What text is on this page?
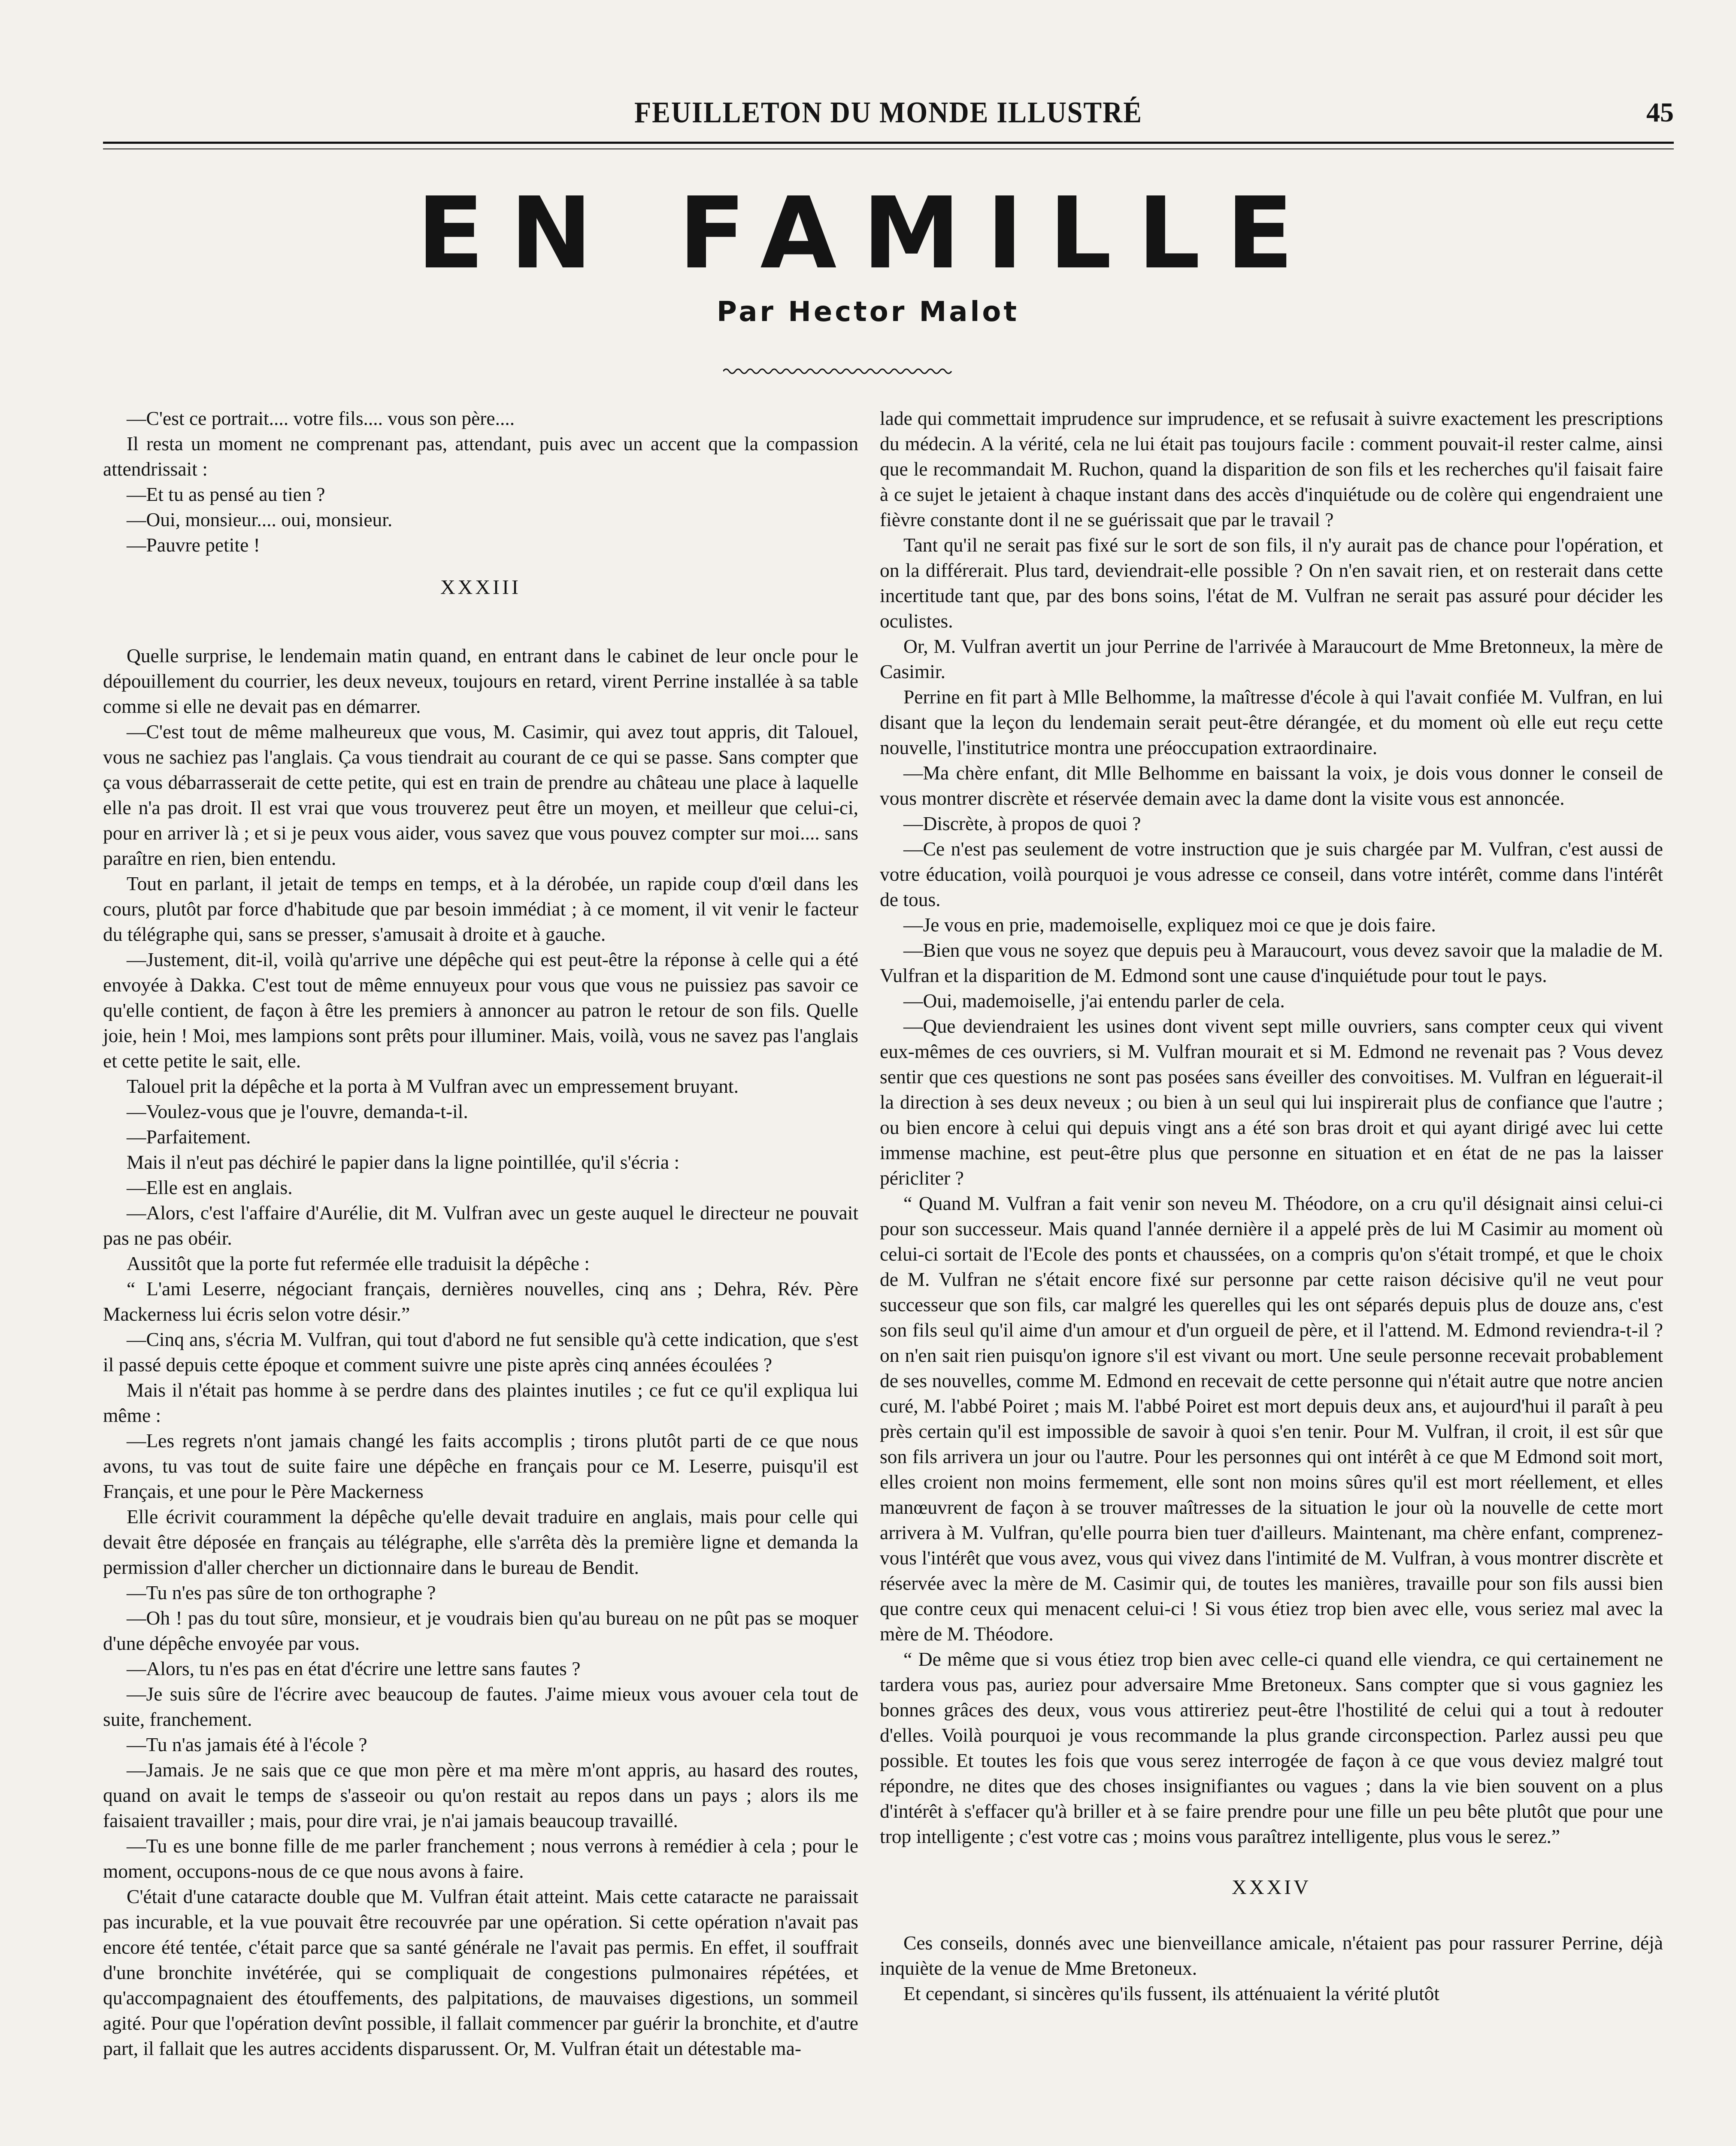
FEUILLETON DU MONDE ILLUSTRÉ	45
EN FAMILLE
Par Hector Malot

—C'est ce portrait.... votre fils.... vous son père....

Il resta un moment ne comprenant pas, attendant, puis avec un accent que la compassion attendrissait :

—Et tu as pensé au tien ?

—Oui, monsieur.... oui, monsieur.

—Pauvre petite !

XXXIII

Quelle surprise, le lendemain matin quand, en entrant dans le cabinet de leur oncle pour le dépouillement du courrier, les deux neveux, toujours en retard, virent Perrine installée à sa table comme si elle ne devait pas en démarrer.

—C'est tout de même malheureux que vous, M. Casimir, qui avez tout appris, dit Talouel, vous ne sachiez pas l'anglais. Ça vous tiendrait au courant de ce qui se passe. Sans compter que ça vous débarrasserait de cette petite, qui est en train de prendre au château une place à laquelle elle n'a pas droit. Il est vrai que vous trouverez peut être un moyen, et meilleur que celui-ci, pour en arriver là ; et si je peux vous aider, vous savez que vous pouvez compter sur moi.... sans paraître en rien, bien entendu.

Tout en parlant, il jetait de temps en temps, et à la dérobée, un rapide coup d'œil dans les cours, plutôt par force d'habitude que par besoin immédiat ; à ce moment, il vit venir le facteur du télégraphe qui, sans se presser, s'amusait à droite et à gauche.

—Justement, dit-il, voilà qu'arrive une dépêche qui est peut-être la réponse à celle qui a été envoyée à Dakka. C'est tout de même ennuyeux pour vous que vous ne puissiez pas savoir ce qu'elle contient, de façon à être les premiers à annoncer au patron le retour de son fils. Quelle joie, hein ! Moi, mes lampions sont prêts pour illuminer. Mais, voilà, vous ne savez pas l'anglais et cette petite le sait, elle.

Talouel prit la dépêche et la porta à M Vulfran avec un empressement bruyant.

—Voulez-vous que je l'ouvre, demanda-t-il.

—Parfaitement.

Mais il n'eut pas déchiré le papier dans la ligne pointillée, qu'il s'écria :

—Elle est en anglais.

—Alors, c'est l'affaire d'Aurélie, dit M. Vulfran avec un geste auquel le directeur ne pouvait pas ne pas obéir.

Aussitôt que la porte fut refermée elle traduisit la dépêche :

“ L'ami Leserre, négociant français, dernières nouvelles, cinq ans ; Dehra, Rév. Père Mackerness lui écris selon votre désir.”

—Cinq ans, s'écria M. Vulfran, qui tout d'abord ne fut sensible qu'à cette indication, que s'est il passé depuis cette époque et comment suivre une piste après cinq années écoulées ?

Mais il n'était pas homme à se perdre dans des plaintes inutiles ; ce fut ce qu'il expliqua lui même :

—Les regrets n'ont jamais changé les faits accomplis ; tirons plutôt parti de ce que nous avons, tu vas tout de suite faire une dépêche en français pour ce M. Leserre, puisqu'il est Français, et une pour le Père Mackerness

Elle écrivit couramment la dépêche qu'elle devait traduire en anglais, mais pour celle qui devait être déposée en français au télégraphe, elle s'arrêta dès la première ligne et demanda la permission d'aller chercher un dictionnaire dans le bureau de Bendit.

—Tu n'es pas sûre de ton orthographe ?

—Oh ! pas du tout sûre, monsieur, et je voudrais bien qu'au bureau on ne pût pas se moquer d'une dépêche envoyée par vous.

—Alors, tu n'es pas en état d'écrire une lettre sans fautes ?

—Je suis sûre de l'écrire avec beaucoup de fautes. J'aime mieux vous avouer cela tout de suite, franchement.

—Tu n'as jamais été à l'école ?

—Jamais. Je ne sais que ce que mon père et ma mère m'ont appris, au hasard des routes, quand on avait le temps de s'asseoir ou qu'on restait au repos dans un pays ; alors ils me faisaient travailler ; mais, pour dire vrai, je n'ai jamais beaucoup travaillé.

—Tu es une bonne fille de me parler franchement ; nous verrons à remédier à cela ; pour le moment, occupons-nous de ce que nous avons à faire.

C'était d'une cataracte double que M. Vulfran était atteint. Mais cette cataracte ne paraissait pas incurable, et la vue pouvait être recouvrée par une opération. Si cette opération n'avait pas encore été tentée, c'était parce que sa santé générale ne l'avait pas permis. En effet, il souffrait d'une bronchite invétérée, qui se compliquait de congestions pulmonaires répétées, et qu'accompagnaient des étouffements, des palpitations, de mauvaises digestions, un sommeil agité. Pour que l'opération devînt possible, il fallait commencer par guérir la bronchite, et d'autre part, il fallait que les autres accidents disparussent. Or, M. Vulfran était un détestable ma-

lade qui commettait imprudence sur imprudence, et se refusait à suivre exactement les prescriptions du médecin. A la vérité, cela ne lui était pas toujours facile : comment pouvait-il rester calme, ainsi que le recommandait M. Ruchon, quand la disparition de son fils et les recherches qu'il faisait faire à ce sujet le jetaient à chaque instant dans des accès d'inquiétude ou de colère qui engendraient une fièvre constante dont il ne se guérissait que par le travail ?

Tant qu'il ne serait pas fixé sur le sort de son fils, il n'y aurait pas de chance pour l'opération, et on la différerait. Plus tard, deviendrait-elle possible ? On n'en savait rien, et on resterait dans cette incertitude tant que, par des bons soins, l'état de M. Vulfran ne serait pas assuré pour décider les oculistes.

Or, M. Vulfran avertit un jour Perrine de l'arrivée à Maraucourt de Mme Bretonneux, la mère de Casimir.

Perrine en fit part à Mlle Belhomme, la maîtresse d'école à qui l'avait confiée M. Vulfran, en lui disant que la leçon du lendemain serait peut-être dérangée, et du moment où elle eut reçu cette nouvelle, l'institutrice montra une préoccupation extraordinaire.

—Ma chère enfant, dit Mlle Belhomme en baissant la voix, je dois vous donner le conseil de vous montrer discrète et réservée demain avec la dame dont la visite vous est annoncée.

—Discrète, à propos de quoi ?

—Ce n'est pas seulement de votre instruction que je suis chargée par M. Vulfran, c'est aussi de votre éducation, voilà pourquoi je vous adresse ce conseil, dans votre intérêt, comme dans l'intérêt de tous.

—Je vous en prie, mademoiselle, expliquez moi ce que je dois faire.

—Bien que vous ne soyez que depuis peu à Maraucourt, vous devez savoir que la maladie de M. Vulfran et la disparition de M. Edmond sont une cause d'inquiétude pour tout le pays.

—Oui, mademoiselle, j'ai entendu parler de cela.

—Que deviendraient les usines dont vivent sept mille ouvriers, sans compter ceux qui vivent eux-mêmes de ces ouvriers, si M. Vulfran mourait et si M. Edmond ne revenait pas ? Vous devez sentir que ces questions ne sont pas posées sans éveiller des convoitises. M. Vulfran en léguerait-il la direction à ses deux neveux ; ou bien à un seul qui lui inspirerait plus de confiance que l'autre ; ou bien encore à celui qui depuis vingt ans a été son bras droit et qui ayant dirigé avec lui cette immense machine, est peut-être plus que personne en situation et en état de ne pas la laisser péricliter ?

“ Quand M. Vulfran a fait venir son neveu M. Théodore, on a cru qu'il désignait ainsi celui-ci pour son successeur. Mais quand l'année dernière il a appelé près de lui M Casimir au moment où celui-ci sortait de l'Ecole des ponts et chaussées, on a compris qu'on s'était trompé, et que le choix de M. Vulfran ne s'était encore fixé sur personne par cette raison décisive qu'il ne veut pour successeur que son fils, car malgré les querelles qui les ont séparés depuis plus de douze ans, c'est son fils seul qu'il aime d'un amour et d'un orgueil de père, et il l'attend. M. Edmond reviendra-t-il ? on n'en sait rien puisqu'on ignore s'il est vivant ou mort. Une seule personne recevait probablement de ses nouvelles, comme M. Edmond en recevait de cette personne qui n'était autre que notre ancien curé, M. l'abbé Poiret ; mais M. l'abbé Poiret est mort depuis deux ans, et aujourd'hui il paraît à peu près certain qu'il est impossible de savoir à quoi s'en tenir. Pour M. Vulfran, il croit, il est sûr que son fils arrivera un jour ou l'autre. Pour les personnes qui ont intérêt à ce que M Edmond soit mort, elles croient non moins fermement, elle sont non moins sûres qu'il est mort réellement, et elles manœuvrent de façon à se trouver maîtresses de la situation le jour où la nouvelle de cette mort arrivera à M. Vulfran, qu'elle pourra bien tuer d'ailleurs. Maintenant, ma chère enfant, comprenez-vous l'intérêt que vous avez, vous qui vivez dans l'intimité de M. Vulfran, à vous montrer discrète et réservée avec la mère de M. Casimir qui, de toutes les manières, travaille pour son fils aussi bien que contre ceux qui menacent celui-ci ! Si vous étiez trop bien avec elle, vous seriez mal avec la mère de M. Théodore.

“ De même que si vous étiez trop bien avec celle-ci quand elle viendra, ce qui certainement ne tardera vous pas, auriez pour adversaire Mme Bretoneux. Sans compter que si vous gagniez les bonnes grâces des deux, vous vous attireriez peut-être l'hostilité de celui qui a tout à redouter d'elles. Voilà pourquoi je vous recommande la plus grande circonspection. Parlez aussi peu que possible. Et toutes les fois que vous serez interrogée de façon à ce que vous deviez malgré tout répondre, ne dites que des choses insignifiantes ou vagues ; dans la vie bien souvent on a plus d'intérêt à s'effacer qu'à briller et à se faire prendre pour une fille un peu bête plutôt que pour une trop intelligente ; c'est votre cas ; moins vous paraîtrez intelligente, plus vous le serez.”

XXXIV

Ces conseils, donnés avec une bienveillance amicale, n'étaient pas pour rassurer Perrine, déjà inquiète de la venue de Mme Bretoneux.

Et cependant, si sincères qu'ils fussent, ils atténuaient la vérité plutôt
